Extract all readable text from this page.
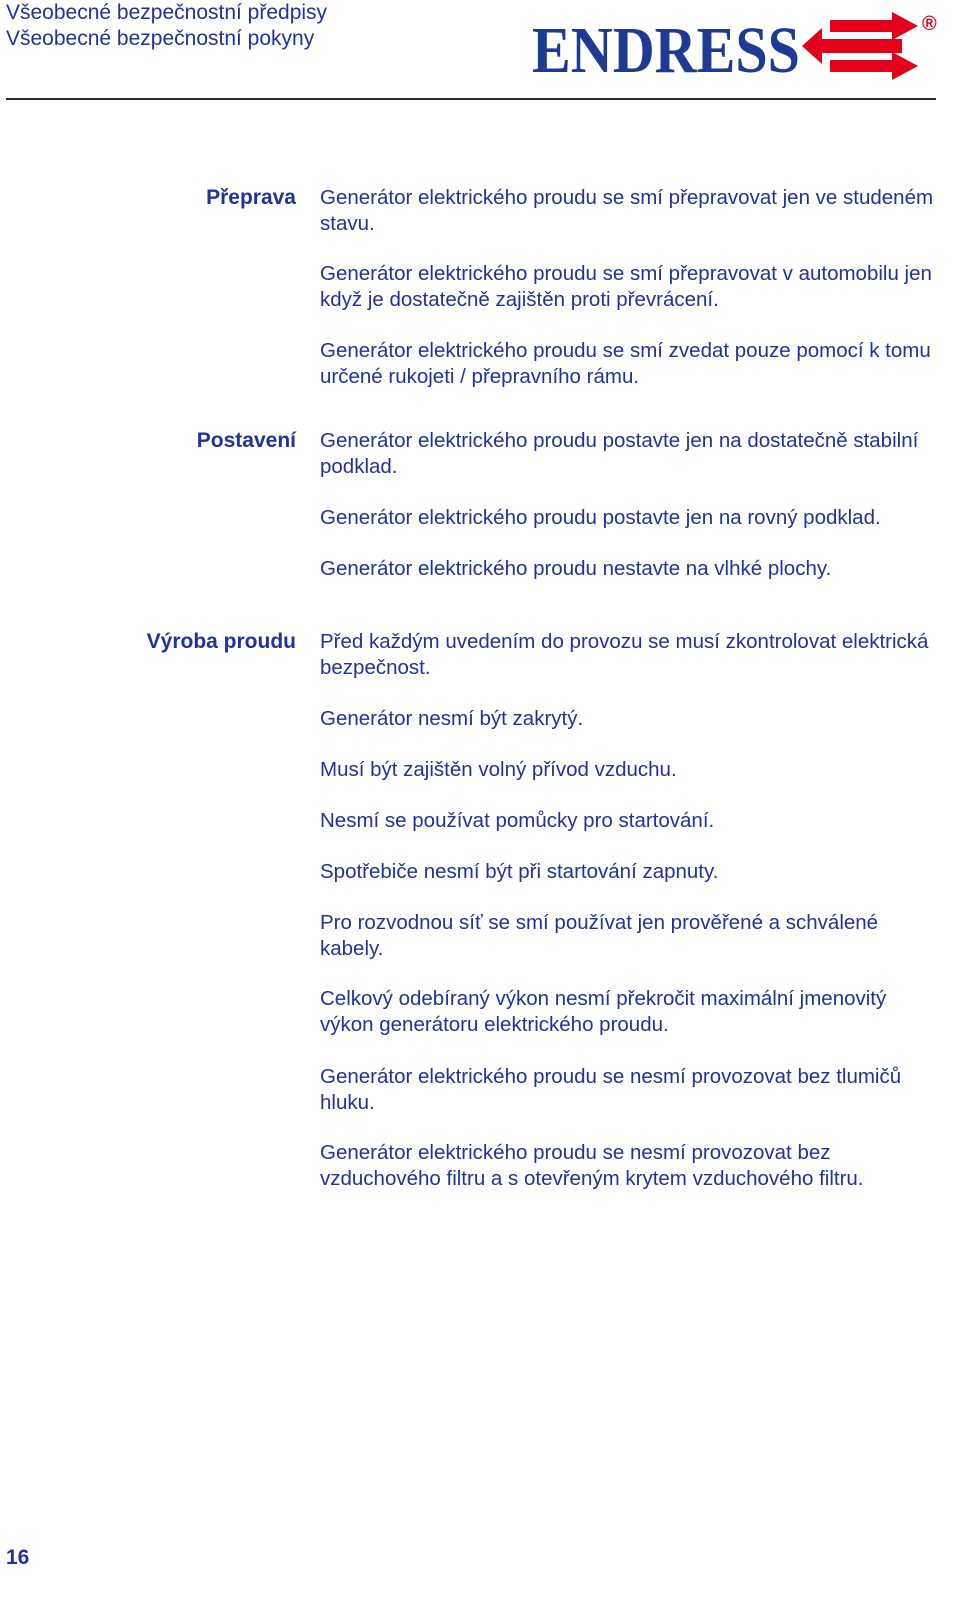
Všeobecné bezpečnostní předpisy
Všeobecné bezpečnostní pokyny	ENDRESS	®
Přeprava Generátor elektrického proudu se smí přepravovat jen ve studeném stavu.
Generátor elektrického proudu se smí přepravovat v automobilu jen když je dostatečně zajištěn proti převrácení.
Generátor elektrického proudu se smí zvedat pouze pomocí k tomu určené rukojeti / přepravního rámu.
Postavení Generátor elektrického proudu postavte jen na dostatečně stabilní podklad.
Generátor elektrického proudu postavte jen na rovný podklad.
Generátor elektrického proudu nestavte na vlhké plochy.
Výroba proudu Před každým uvedením do provozu se musí zkontrolovat elektrická bezpečnost.
Generátor nesmí být zakrytý.
Musí být zajištěn volný přívod vzduchu.
Nesmí se používat pomůcky pro startování.
Spotřebiče nesmí být při startování zapnuty.
Pro rozvodnou síť se smí používat jen prověřené a schválené kabely.
Celkový odebíraný výkon nesmí překročit maximální jmenovitý výkon generátoru elektrického proudu.
Generátor elektrického proudu se nesmí provozovat bez tlumičů hluku.
Generátor elektrického proudu se nesmí provozovat bez vzduchového filtru a s otevřeným krytem vzduchového filtru.
16
